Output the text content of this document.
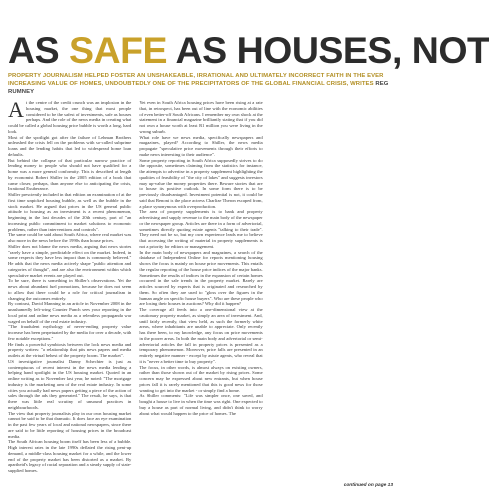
AS SAFE AS HOUSES, NOT
PROPERTY JOURNALISM HELPED FOSTER AN UNSHAKEABLE, IRRATIONAL AND ULTIMATELY INCORRECT FAITH IN THE EVER INCREASING VALUE OF HOMES, UNDOUBTEDLY ONE OF THE PRECIPITATORS OF THE GLOBAL FINANCIAL CRISIS, WRITES REG RUMNEY

At the centre of the credit crunch was an implosion in the housing market, the one thing that most people considered to be the safest of investments, safe as houses perhaps. And the role of the news media in creating what could be called a global housing price bubble is worth a long, hard look.

Most of the spotlight got after the failure of Lehman Brothers unleashed the crisis fell on the problems with so-called subprime loans and the lending habits that led to widespread home loan defaults.

But behind the collapse of that particular narrow practice of lending money to people who should not have qualified for a home was a more general conformity. This is described at length by economist Robert Shiller in the 2005 edition of a book that came closer, perhaps, than anyone else to anticipating the crisis, Irrational Exuberance.

Shiller presciently included in that edition an examination of at the first time unpicked housing bubble, as well as the bubble in the stock market. He argued that prices in the US general public attitude to housing as an investment is a recent phenomenon, beginning in the last decades of the 20th century, part of "an increasing public commitment to market solutions to economic problems, rather than interventions and controls".

The same could be said about South Africa, where real market was also more in the news before the 1990s than house prices.

Shiller does not blame the news media, arguing that news stories "rarely have a simple, predictable effect on the market. Indeed, in some respects they have less impact than is commonly believed." He adds that the news media actively shape "public attention and categories of thought", and are also the environment within which speculative market events are played out.

To be sure, there is something in Shiller's observations. Yet the news about abundant fuel promotions, because he does not seem to allow that there could be a role for critical journalism in changing the outcomes entirely.

By contrast, David Manning in an article in November 2008 in the unashamedly left-wing Counter Punch sees your reporting in the local print and online news media as a relentless propaganda war waged on behalf of the real estate industry.

"The fraudulent mythology of never-ending property value increase has been perpetuated by the media for over a decade, with few notable exceptions."

He finds a powerful symbiosis between the lock news media and property writers: "a relationship that pits news papers and media outlets at the virtual behest of the property boom. The market".

US investigative journalist Danny Schechter is just as contemptuous of recent interest in the news media lending a helping hand spotlight in the US housing market. Quoted in an online writing as to November last year, he noted: "The mortgage industry is the marketing arm of the real estate industry. In some cities you actually had news papers getting a piece of the action of sales through the ads they generated." The result, he says, is that there was little real scrutiny of unsound practices in neighbourhoods.

The view that property journalists play in our own housing market cannot be said to be that dramatic. It does face an eye examination in the past few years of local and national newspapers, since there are said to be little reporting of housing prices in the broadcast media.

The South African housing boom itself has been less of a bubble. High interest rates in the late 1990s deflated the rising pent-up demand, a middle-class housing market for a while, and the lower end of the property market has been distorted as a market. By apartheid's legacy of racial separation and a steady supply of state-supplied homes.

Yet even in South Africa housing prices have been rising at a rate that, in retrospect, has been out of line with the economic abilities of even better-off South Africans. I remember my own shock at the statement in a financial magazine brilliantly stating that if you did not own a house worth at least R1 million you were living in the wrong suburb.

What role have we news media, specifically newspapers and magazines, played? According to Shiller, the news media propagate "speculative price movements through their efforts to make news interesting to their audience".

Some property reporting in South Africa supposedly strives to do the opposite, sometimes claiming from the statistics for instance, the attempts to advertise in a property supplement highlighting the qualities of feasibility of "the city of lakes" and suggests investors may up-value the money properties there. Beware stories that are to house its positive outlook. In some form there is to be previously disadvantaged. Investment potential is not, it could be said that Benoni is the place actress Charlize Theron escaped from, a place synonymous with overproduction.

The area of property supplements is to bank and property advertising and supply revenue to the main body of the newspaper or the newspaper group. Articles are there in a form of advertorial, sometimes directly quoting estate agents "talking to their trade". They need not be so, but my own experience leads me to believe that accessing the writing of material in property supplements is not a priority for editors or management.

In the main body of newspapers and magazines, a search of the database of Independent Online for reports mentioning housing shows the focus is mainly on house price movements. This entails the regular reporting of the house price indices of the major banks. Sometimes the results of indices in the expansion of certain homes occurred in the sale trends in the property market. Rarely are articles sourced by experts that is originated and researched by them. So often they are used to "gloss over the figures in the human angle on specific house buyers". Who are these people who are losing their houses in auctions? Why did it happen?

The coverage all feeds into a one-dimensional view at the cautionary property market, as simply an area of investment. And, until fairly recently, that view held, as such the formerly white areas, where inhabitants are unable to appreciate. Only recently has there been, to my knowledge, any focus on price movements in the poorer areas. In both the main body and advertorial or semi-advertorial articles the fall in property prices is presented as a temporary phenomenon. Moreover, price falls are presented in an entirely negative manner - except by astute agents, who reveal that it is "never a better time to buy property".

The focus, in other words, is almost always on existing owners, rather than those shown out of the market by rising prices. Some concern may be expressed about new entrants, but when house prices fall it is rarely mentioned that this is good news for those wanting to get into the market - or simply find a home.

As Shiller comments: "Life was simpler once, one saved, and bought a house to live in when the time was right. One expected to buy a house as part of normal living, and didn't think to worry about what would happen to the price of homes. The

continued on page 13
